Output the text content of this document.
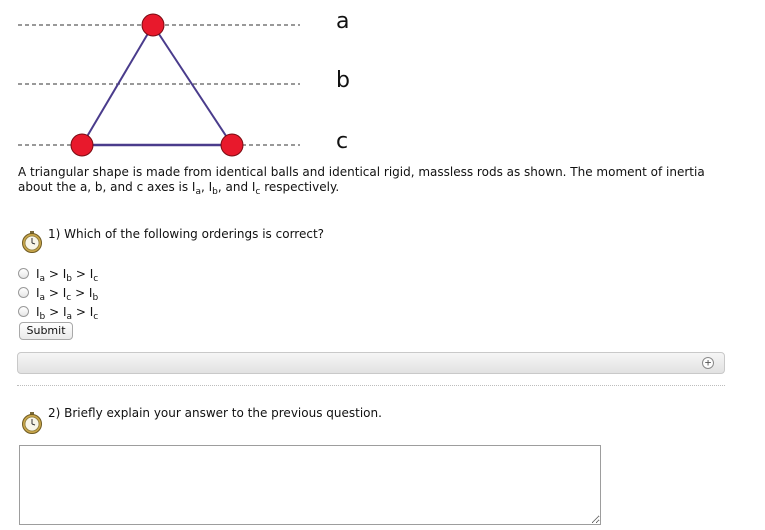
a
b
c
A triangular shape is made from identical balls and identical rigid, massless rods as shown. The moment of inertia about the a, b, and c axes is $I_a$, $I_b$, and $I_c$ respectively.
1) Which of the following orderings is correct?
$I_a > I_b > I_c$
$I_a > I_c > I_b$
$I_b > I_a > I_c$
Submit
+
2) Briefly explain your answer to the previous question.
